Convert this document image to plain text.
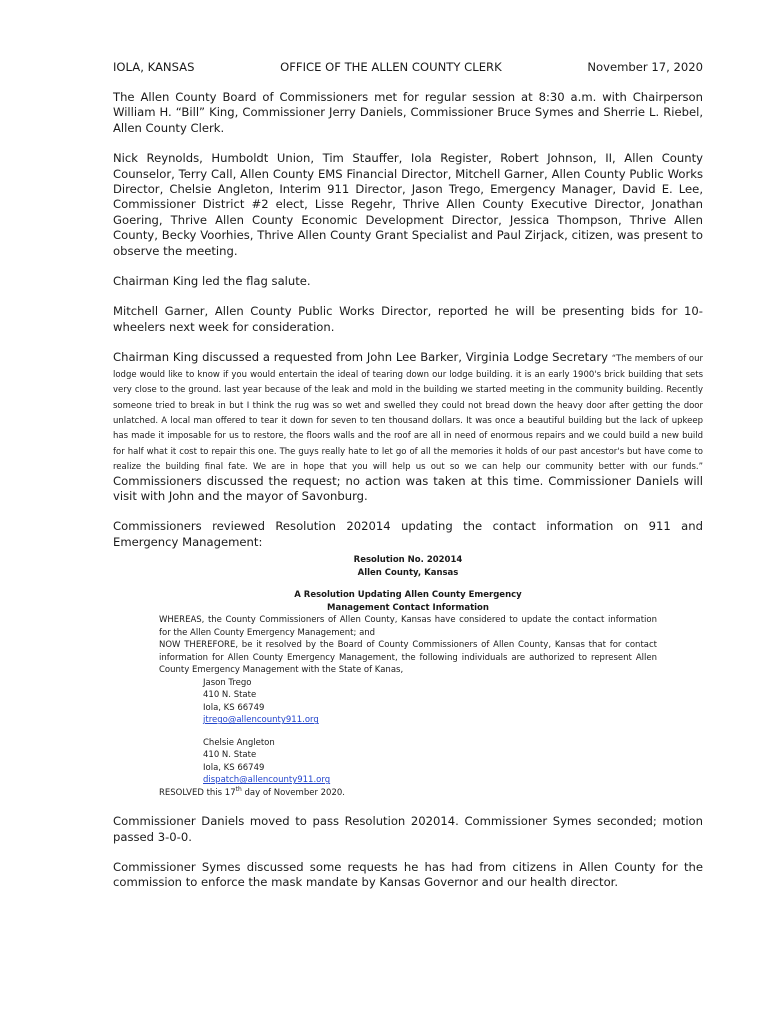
IOLA, KANSAS	OFFICE OF THE ALLEN COUNTY CLERK	November 17, 2020

The Allen County Board of Commissioners met for regular session at 8:30 a.m. with Chairperson William H. “Bill” King, Commissioner Jerry Daniels, Commissioner Bruce Symes and Sherrie L. Riebel, Allen County Clerk.

Nick Reynolds, Humboldt Union, Tim Stauffer, Iola Register, Robert Johnson, II, Allen County Counselor, Terry Call, Allen County EMS Financial Director, Mitchell Garner, Allen County Public Works Director, Chelsie Angleton, Interim 911 Director, Jason Trego, Emergency Manager, David E. Lee, Commissioner District #2 elect, Lisse Regehr, Thrive Allen County Executive Director, Jonathan Goering, Thrive Allen County Economic Development Director, Jessica Thompson, Thrive Allen County, Becky Voorhies, Thrive Allen County Grant Specialist and Paul Zirjack, citizen, was present to observe the meeting.

Chairman King led the flag salute.

Mitchell Garner, Allen County Public Works Director, reported he will be presenting bids for 10-wheelers next week for consideration.

Chairman King discussed a requested from John Lee Barker, Virginia Lodge Secretary “The members of our lodge would like to know if you would entertain the ideal of tearing down our lodge building. it is an early 1900's brick building that sets very close to the ground. last year because of the leak and mold in the building we started meeting in the community building. Recently someone tried to break in but I think the rug was so wet and swelled they could not bread down the heavy door after getting the door unlatched. A local man offered to tear it down for seven to ten thousand dollars. It was once a beautiful building but the lack of upkeep has made it imposable for us to restore, the floors walls and the roof are all in need of enormous repairs and we could build a new build for half what it cost to repair this one. The guys really hate to let go of all the memories it holds of our past ancestor's but have come to realize the building final fate. We are in hope that you will help us out so we can help our community better with our funds.” Commissioners discussed the request; no action was taken at this time. Commissioner Daniels will visit with John and the mayor of Savonburg.

Commissioners reviewed Resolution 202014 updating the contact information on 911 and Emergency Management:

Resolution No. 202014
Allen County, Kansas
A Resolution Updating Allen County Emergency
Management Contact Information

WHEREAS, the County Commissioners of Allen County, Kansas have considered to update the contact information for the Allen County Emergency Management; and

NOW THEREFORE, be it resolved by the Board of County Commissioners of Allen County, Kansas that for contact information for Allen County Emergency Management, the following individuals are authorized to represent Allen County Emergency Management with the State of Kanas,

Jason Trego
410 N. State
Iola, KS 66749
jtrego@allencounty911.org
Chelsie Angleton
410 N. State
Iola, KS 66749
dispatch@allencounty911.org

RESOLVED this 17th day of November 2020.

Commissioner Daniels moved to pass Resolution 202014. Commissioner Symes seconded; motion passed 3-0-0.

Commissioner Symes discussed some requests he has had from citizens in Allen County for the commission to enforce the mask mandate by Kansas Governor and our health director.
